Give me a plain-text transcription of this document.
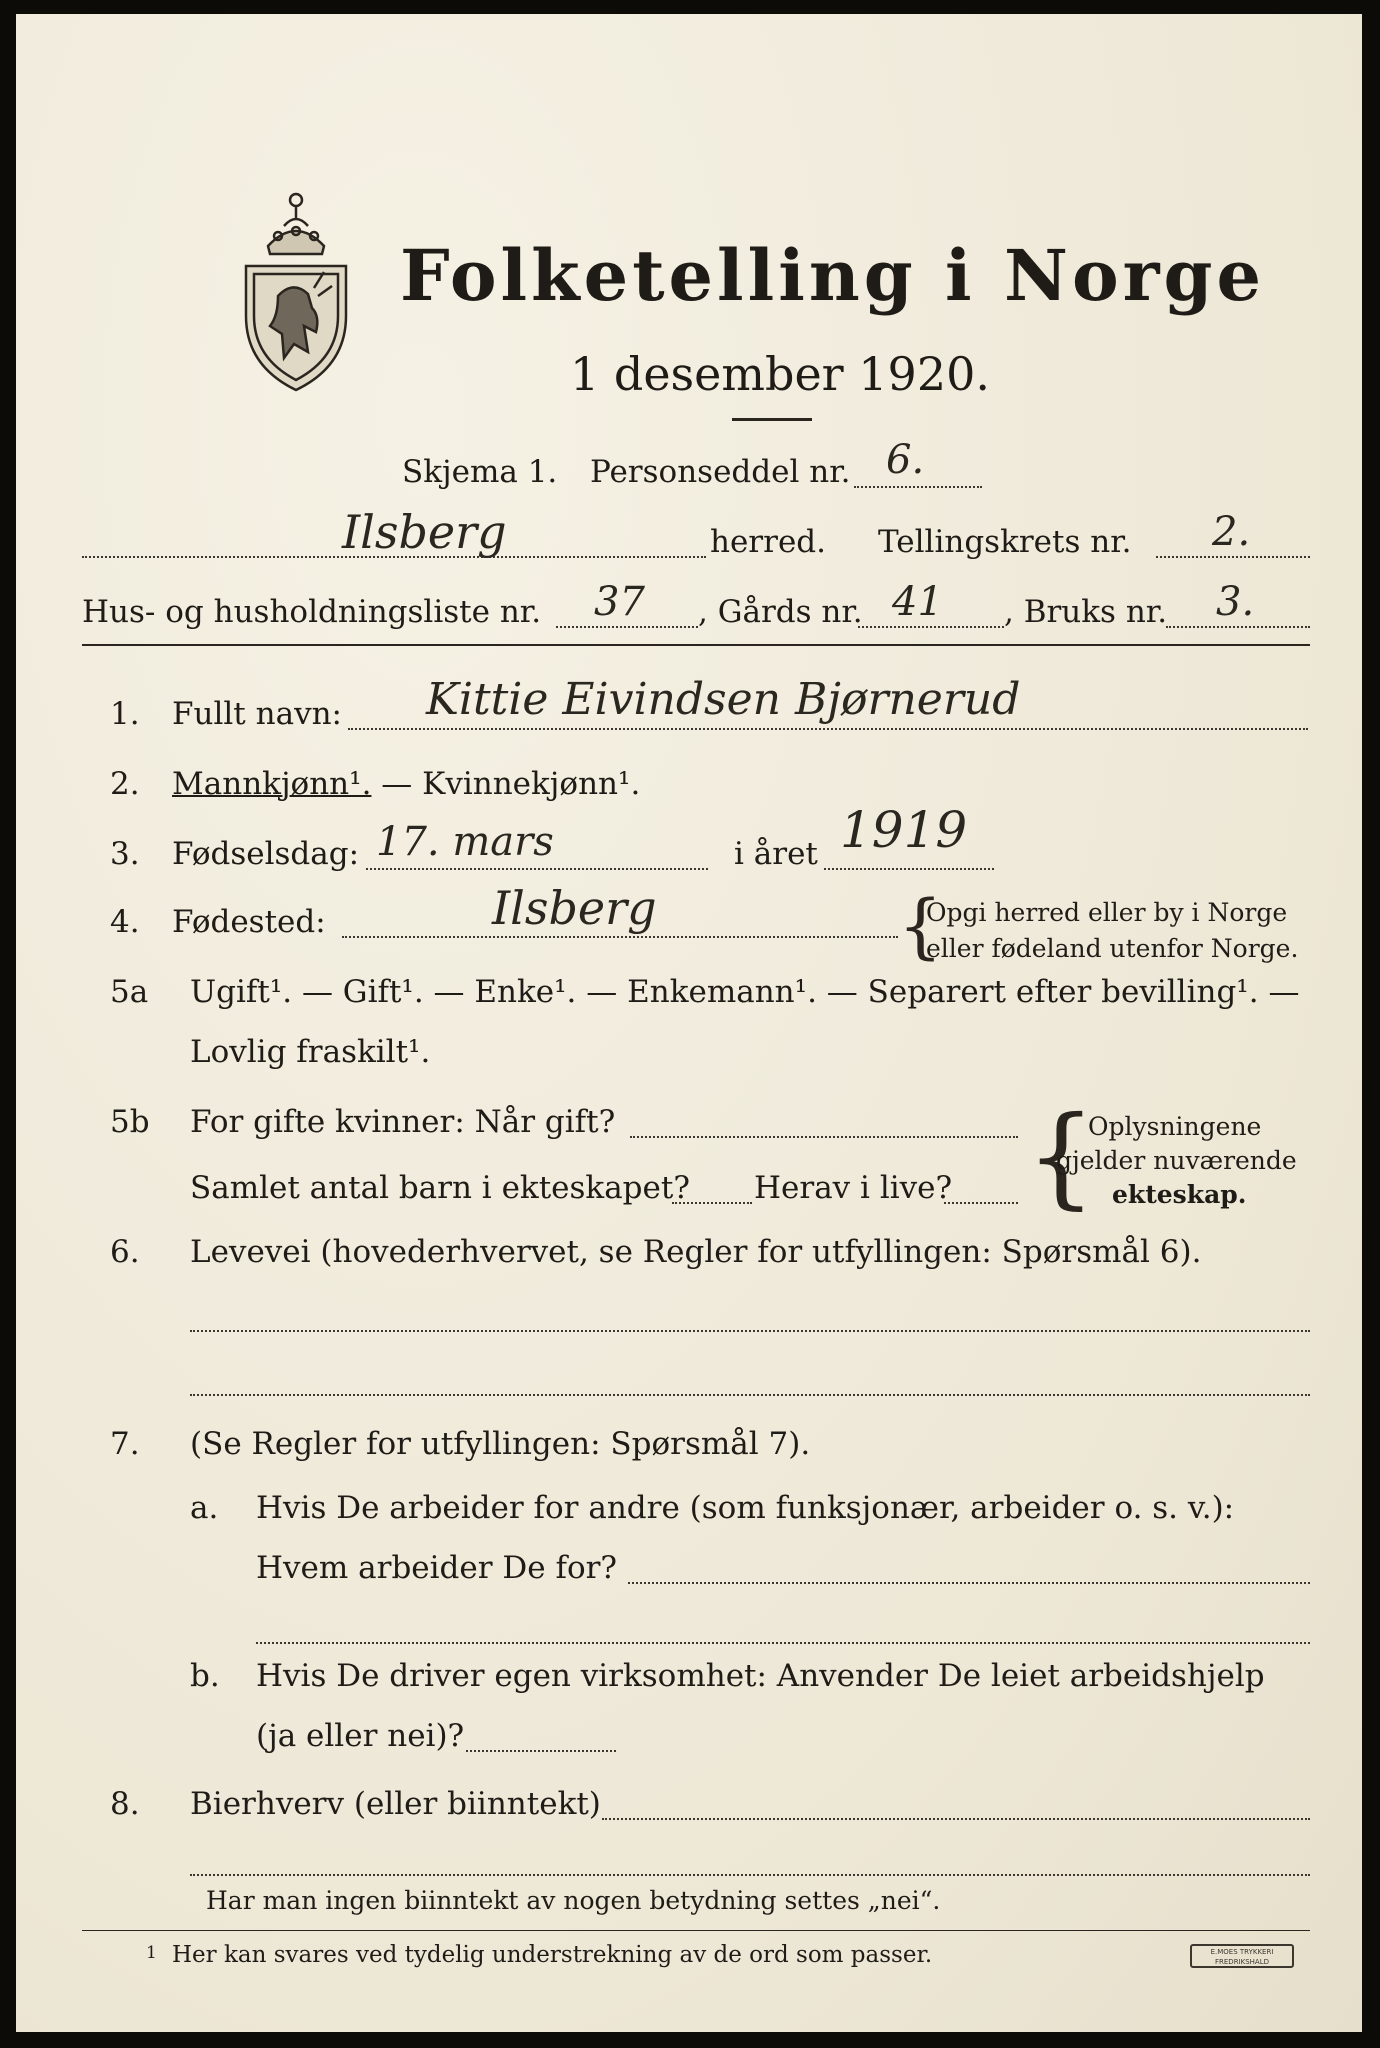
Folketelling i Norge
1 desember 1920.
Skjema 1. Personseddel nr. 6.
Ilsberg	herred. Tellingskrets nr. 2.
Hus- og husholdningsliste nr. 37 , Gårds nr. 41 , Bruks nr. 3.
1. Fullt navn: Kittie Eivindsen Bjørnerud
2. Mannkjønn¹. — Kvinnekjønn¹.
3. Fødselsdag: 17. mars	i året 1919
4. Fødested:	Ilsberg	{
Opgi herred eller by i Norge
eller fødeland utenfor Norge.
5a Ugift¹. — Gift¹. — Enke¹. — Enkemann¹. — Separert efter bevilling¹. —
Lovlig fraskilt¹.
5b For gifte kvinner: Når gift?
Samlet antal barn i ekteskapet? Herav i live? {
Oplysningene
gjelder nuværende
ekteskap.
6. Levevei (hovederhvervet, se Regler for utfyllingen: Spørsmål 6).
7. (Se Regler for utfyllingen: Spørsmål 7).
a. Hvis De arbeider for andre (som funksjonær, arbeider o. s. v.):
Hvem arbeider De for?
b. Hvis De driver egen virksomhet: Anvender De leiet arbeidshjelp
(ja eller nei)?
8. Bierhverv (eller biinntekt)
Har man ingen biinntekt av nogen betydning settes „nei“.
1 Her kan svares ved tydelig understrekning av de ord som passer.	E.MOES TRYKKERI FREDRIKSHALD
